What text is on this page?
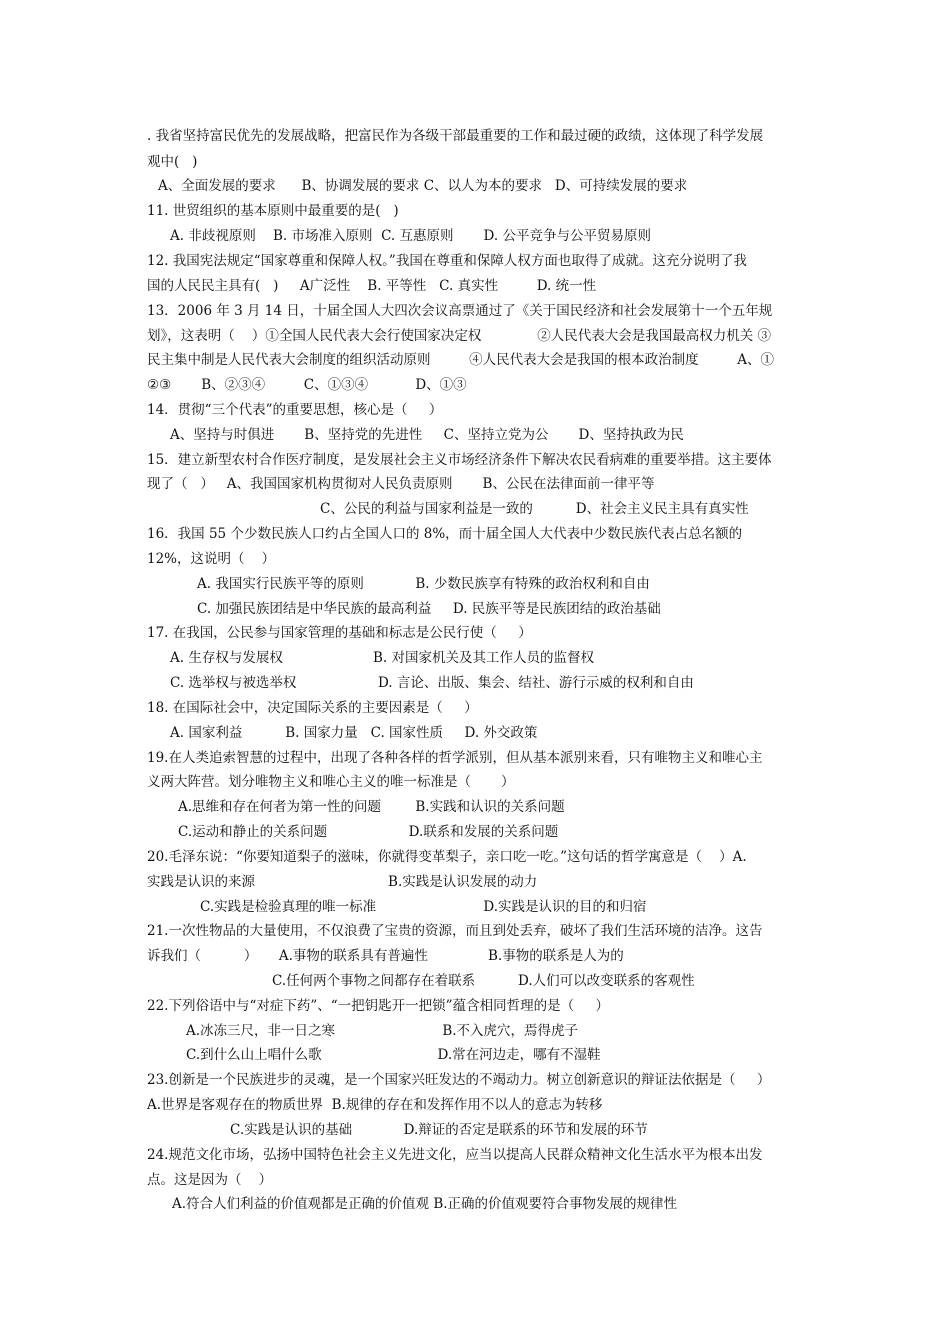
. 我省坚持富民优先的发展战略，把富民作为各级干部最重要的工作和最过硬的政绩，这体现了科学发展

观中(   )

A、全面发展的要求      B、协调发展的要求 C、以人为本的要求   D、可持续发展的要求

11. 世贸组织的基本原则中最重要的是(   )

A. 非歧视原则    B. 市场准入原则  C. 互惠原则       D. 公平竞争与公平贸易原则

12. 我国宪法规定“国家尊重和保障人权。”我国在尊重和保障人权方面也取得了成就。这充分说明了我

国的人民民主具有(   )     A广泛性    B. 平等性   C. 真实性         D. 统一性

13．2006 年 3 月 14 日，十届全国人大四次会议高票通过了《关于国民经济和社会发展第十一个五年规

划》，这表明（    ）①全国人民代表大会行使国家决定权             ②人民代表大会是我国最高权力机关 ③

民主集中制是人民代表大会制度的组织活动原则         ④人民代表大会是我国的根本政治制度         A、①

②③       B、②③④         C、①③④           D、①③

14．贯彻“三个代表”的重要思想，核心是（     ）

A、坚持与时俱进       B、坚持党的先进性     C、坚持立党为公       D、坚持执政为民

15．建立新型农村合作医疗制度，是发展社会主义市场经济条件下解决农民看病难的重要举措。这主要体

现了（   ）   A、我国国家机构贯彻对人民负责原则       B、公民在法律面前一律平等

C、公民的利益与国家利益是一致的          D、社会主义民主具有真实性

16．我国 55 个少数民族人口约占全国人口的 8%，而十届全国人大代表中少数民族代表占总名额的

12%，这说明（    ）

A. 我国实行民族平等的原则            B. 少数民族享有特殊的政治权利和自由

C. 加强民族团结是中华民族的最高利益     D. 民族平等是民族团结的政治基础

17. 在我国，公民参与国家管理的基础和标志是公民行使（     ）

A. 生存权与发展权                     B. 对国家机关及其工作人员的监督权

C. 选举权与被选举权                   D. 言论、出版、集会、结社、游行示威的权利和自由

18. 在国际社会中，决定国际关系的主要因素是（     ）

A. 国家利益          B. 国家力量   C. 国家性质     D. 外交政策

19.在人类追索智慧的过程中，出现了各种各样的哲学派别，但从基本派别来看，只有唯物主义和唯心主

义两大阵营。划分唯物主义和唯心主义的唯一标准是（       ）

A.思维和存在何者为第一性的问题        B.实践和认识的关系问题

C.运动和静止的关系问题                   D.联系和发展的关系问题

20.毛泽东说：“你要知道梨子的滋味，你就得变革梨子，亲口吃一吃。”这句话的哲学寓意是（    ）A.

实践是认识的来源                               B.实践是认识发展的动力

C.实践是检验真理的唯一标准                         D.实践是认识的目的和归宿

21.一次性物品的大量使用，不仅浪费了宝贵的资源，而且到处丢弃，破坏了我们生活环境的洁净。这告

诉我们（          ）     A.事物的联系具有普遍性              B.事物的联系是人为的

C.任何两个事物之间都存在着联系          D.人们可以改变联系的客观性

22.下列俗语中与“对症下药”、“一把钥匙开一把锁”蕴含相同哲理的是（     ）

A.冰冻三尺，非一日之寒                         B.不入虎穴，焉得虎子

C.到什么山上唱什么歌                           D.常在河边走，哪有不湿鞋

23.创新是一个民族进步的灵魂，是一个国家兴旺发达的不竭动力。树立创新意识的辩证法依据是（     ）

A.世界是客观存在的物质世界  B.规律的存在和发挥作用不以人的意志为转移

C.实践是认识的基础            D.辩证的否定是联系的环节和发展的环节

24.规范文化市场，弘扬中国特色社会主义先进文化，应当以提高人民群众精神文化生活水平为根本出发

点。这是因为（    ）

A.符合人们利益的价值观都是正确的价值观 B.正确的价值观要符合事物发展的规律性
